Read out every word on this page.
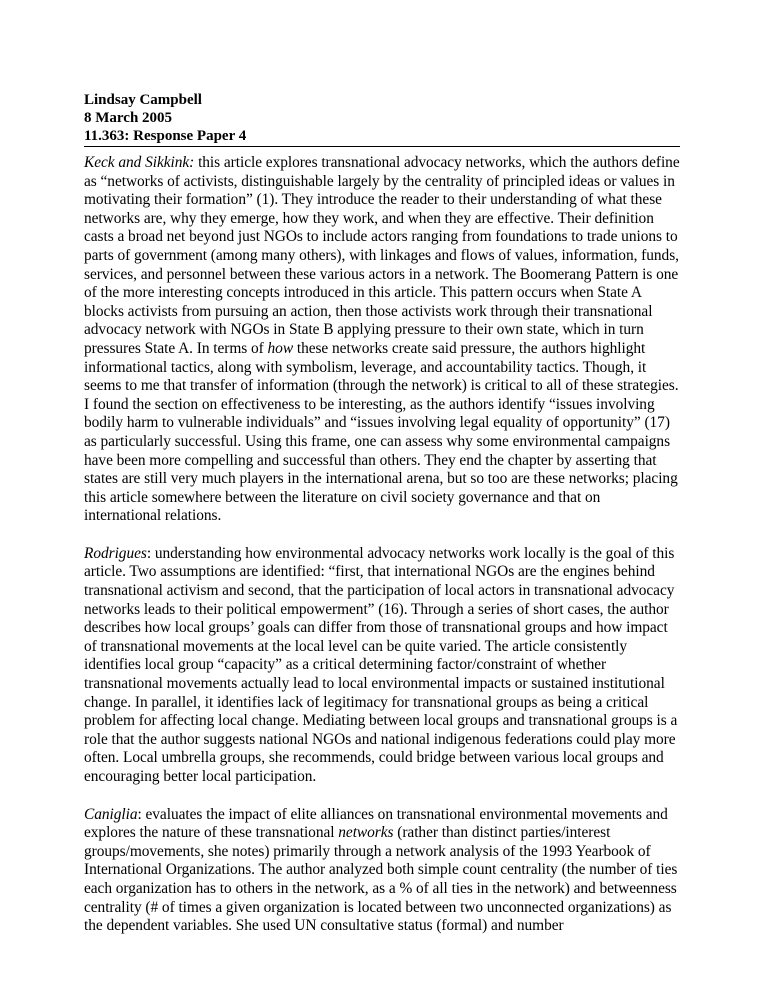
Lindsay Campbell

8 March 2005

11.363: Response Paper 4

Keck and Sikkink: this article explores transnational advocacy networks, which the authors define as “networks of activists, distinguishable largely by the centrality of principled ideas or values in motivating their formation” (1). They introduce the reader to their understanding of what these networks are, why they emerge, how they work, and when they are effective. Their definition casts a broad net beyond just NGOs to include actors ranging from foundations to trade unions to parts of government (among many others), with linkages and flows of values, information, funds, services, and personnel between these various actors in a network. The Boomerang Pattern is one of the more interesting concepts introduced in this article. This pattern occurs when State A blocks activists from pursuing an action, then those activists work through their transnational advocacy network with NGOs in State B applying pressure to their own state, which in turn pressures State A. In terms of how these networks create said pressure, the authors highlight informational tactics, along with symbolism, leverage, and accountability tactics. Though, it seems to me that transfer of information (through the network) is critical to all of these strategies. I found the section on effectiveness to be interesting, as the authors identify “issues involving bodily harm to vulnerable individuals” and “issues involving legal equality of opportunity” (17) as particularly successful. Using this frame, one can assess why some environmental campaigns have been more compelling and successful than others. They end the chapter by asserting that states are still very much players in the international arena, but so too are these networks; placing this article somewhere between the literature on civil society governance and that on international relations.

Rodrigues: understanding how environmental advocacy networks work locally is the goal of this article. Two assumptions are identified: “first, that international NGOs are the engines behind transnational activism and second, that the participation of local actors in transnational advocacy networks leads to their political empowerment” (16). Through a series of short cases, the author describes how local groups’ goals can differ from those of transnational groups and how impact of transnational movements at the local level can be quite varied. The article consistently identifies local group “capacity” as a critical determining factor/constraint of whether transnational movements actually lead to local environmental impacts or sustained institutional change. In parallel, it identifies lack of legitimacy for transnational groups as being a critical problem for affecting local change. Mediating between local groups and transnational groups is a role that the author suggests national NGOs and national indigenous federations could play more often. Local umbrella groups, she recommends, could bridge between various local groups and encouraging better local participation.

Caniglia: evaluates the impact of elite alliances on transnational environmental movements and explores the nature of these transnational networks (rather than distinct parties/interest groups/movements, she notes) primarily through a network analysis of the 1993 Yearbook of International Organizations. The author analyzed both simple count centrality (the number of ties each organization has to others in the network, as a % of all ties in the network) and betweenness centrality (# of times a given organization is located between two unconnected organizations) as the dependent variables. She used UN consultative status (formal) and number
